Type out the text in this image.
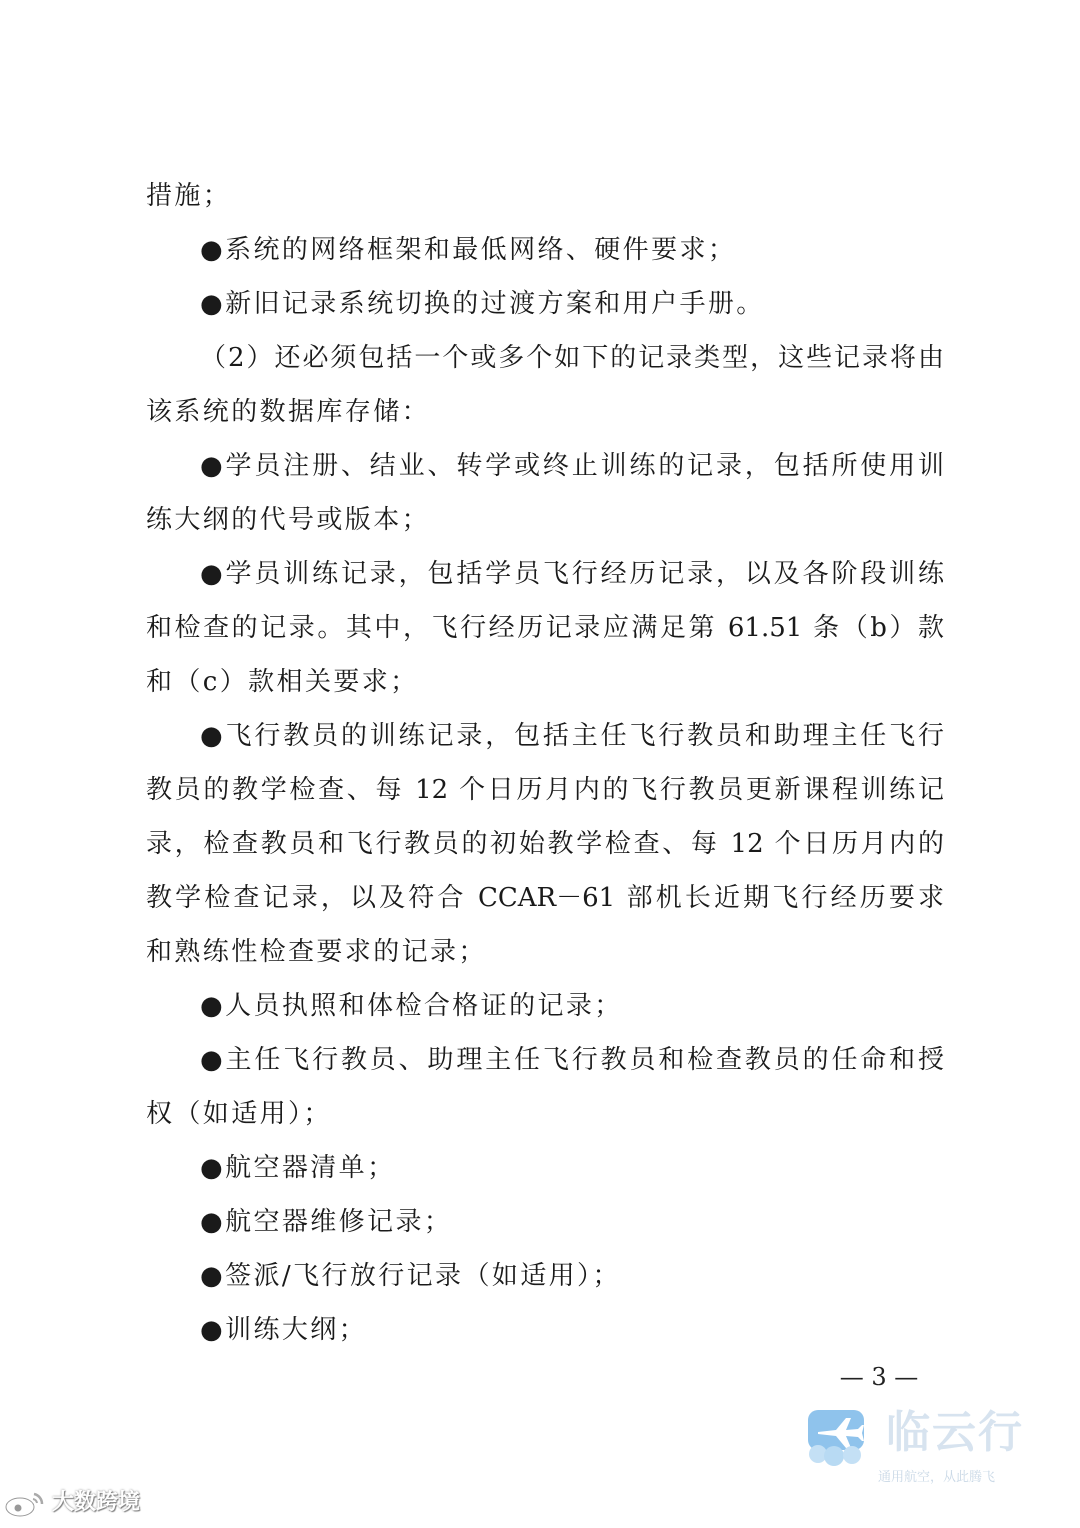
措施；
●系统的网络框架和最低网络、硬件要求；
●新旧记录系统切换的过渡方案和用户手册。
（2）还必须包括一个或多个如下的记录类型，这些记录将由
该系统的数据库存储：
●学员注册、结业、转学或终止训练的记录，包括所使用训
练大纲的代号或版本；
●学员训练记录，包括学员飞行经历记录，以及各阶段训练
和检查的记录。其中，飞行经历记录应满足第 61.51 条（b）款
和（c）款相关要求；
●飞行教员的训练记录，包括主任飞行教员和助理主任飞行
教员的教学检查、每 12 个日历月内的飞行教员更新课程训练记
录，检查教员和飞行教员的初始教学检查、每 12 个日历月内的
教学检查记录，以及符合 CCAR－61 部机长近期飞行经历要求
和熟练性检查要求的记录；
●人员执照和体检合格证的记录；
●主任飞行教员、助理主任飞行教员和检查教员的任命和授
权（如适用）；
●航空器清单；
●航空器维修记录；
●签派/飞行放行记录（如适用）；
●训练大纲；
— 3 —
临云行
通用航空，从此腾飞
大数跨境
